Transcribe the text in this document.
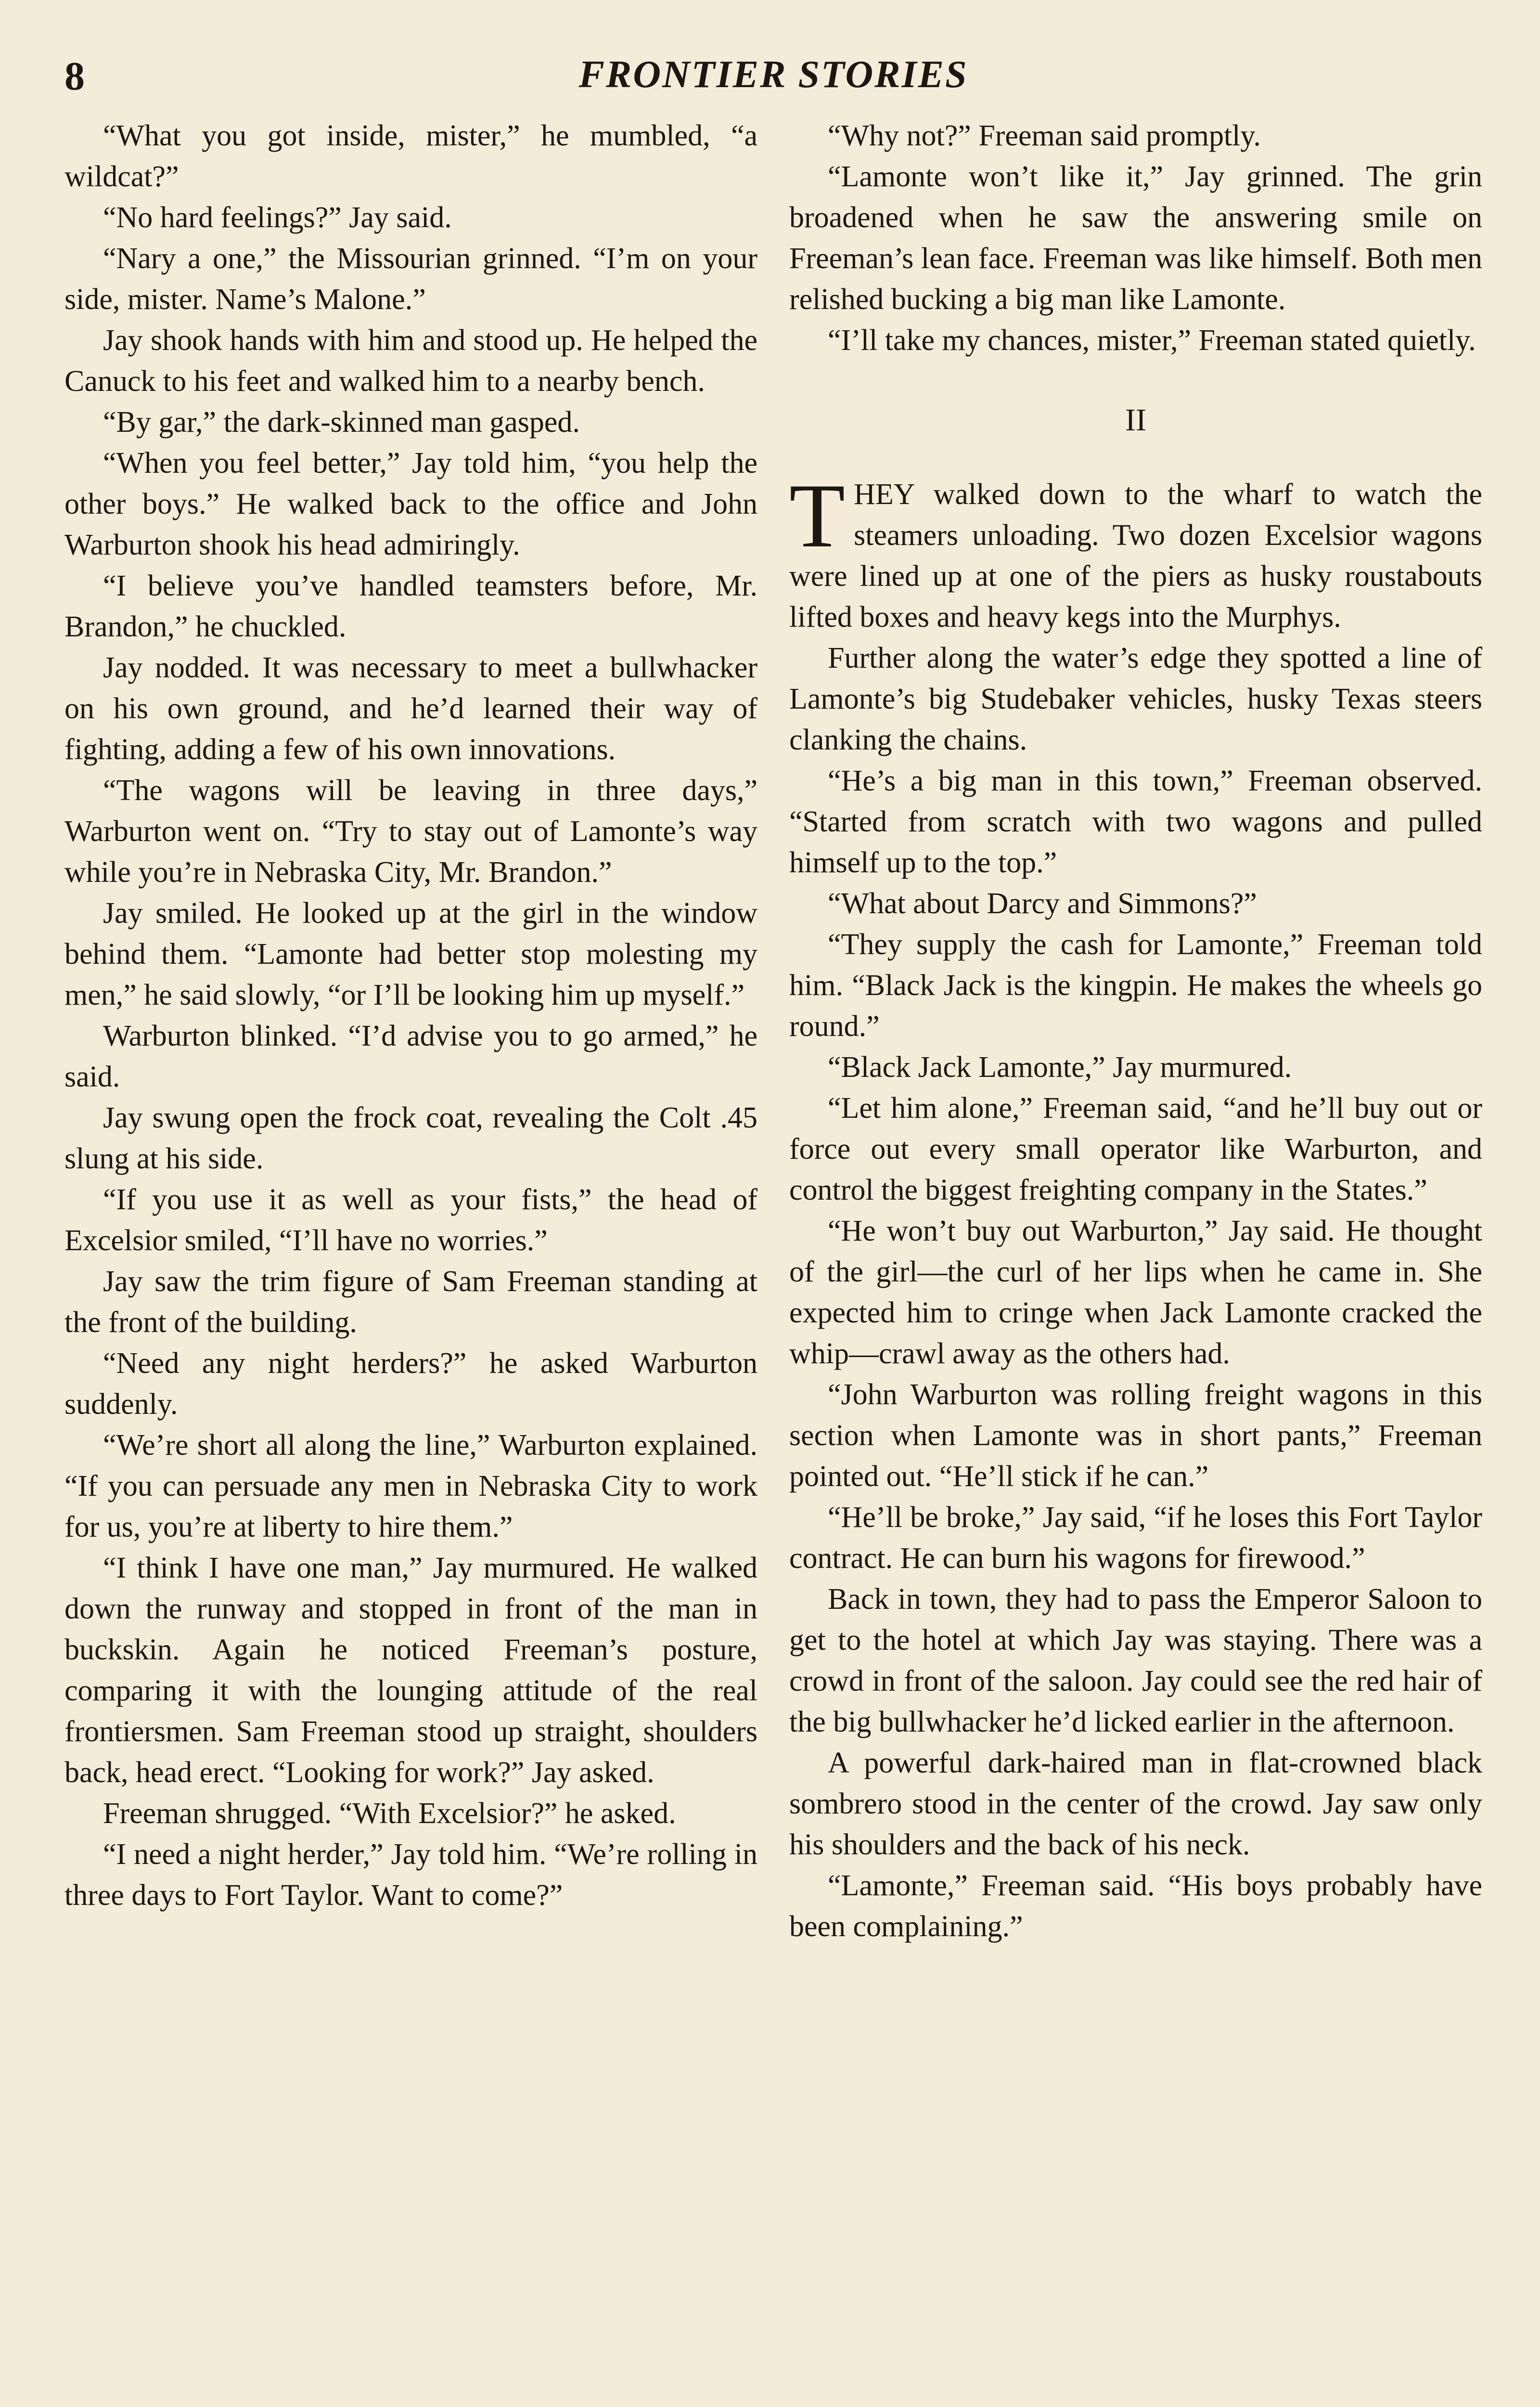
8	FRONTIER STORIES

“What you got inside, mister,” he mumbled, “a wildcat?”

“No hard feelings?” Jay said.

“Nary a one,” the Missourian grinned. “I’m on your side, mister. Name’s Malone.”

Jay shook hands with him and stood up. He helped the Canuck to his feet and walked him to a nearby bench.

“By gar,” the dark-skinned man gasped.

“When you feel better,” Jay told him, “you help the other boys.” He walked back to the office and John Warburton shook his head admiringly.

“I believe you’ve handled teamsters before, Mr. Brandon,” he chuckled.

Jay nodded. It was necessary to meet a bullwhacker on his own ground, and he’d learned their way of fighting, adding a few of his own innovations.

“The wagons will be leaving in three days,” Warburton went on. “Try to stay out of Lamonte’s way while you’re in Nebraska City, Mr. Brandon.”

Jay smiled. He looked up at the girl in the window behind them. “Lamonte had better stop molesting my men,” he said slowly, “or I’ll be looking him up myself.”

Warburton blinked. “I’d advise you to go armed,” he said.

Jay swung open the frock coat, revealing the Colt .45 slung at his side.

“If you use it as well as your fists,” the head of Excelsior smiled, “I’ll have no worries.”

Jay saw the trim figure of Sam Freeman standing at the front of the building.

“Need any night herders?” he asked Warburton suddenly.

“We’re short all along the line,” Warburton explained. “If you can persuade any men in Nebraska City to work for us, you’re at liberty to hire them.”

“I think I have one man,” Jay murmured. He walked down the runway and stopped in front of the man in buckskin. Again he noticed Freeman’s posture, comparing it with the lounging attitude of the real frontiersmen. Sam Freeman stood up straight, shoulders back, head erect. “Looking for work?” Jay asked.

Freeman shrugged. “With Excelsior?” he asked.

“I need a night herder,” Jay told him. “We’re rolling in three days to Fort Taylor. Want to come?”

“Why not?” Freeman said promptly.

“Lamonte won’t like it,” Jay grinned. The grin broadened when he saw the answering smile on Freeman’s lean face. Freeman was like himself. Both men relished bucking a big man like Lamonte.

“I’ll take my chances, mister,” Freeman stated quietly.

II

THEY walked down to the wharf to watch the steamers unloading. Two dozen Excelsior wagons were lined up at one of the piers as husky roustabouts lifted boxes and heavy kegs into the Murphys.

Further along the water’s edge they spotted a line of Lamonte’s big Studebaker vehicles, husky Texas steers clanking the chains.

“He’s a big man in this town,” Freeman observed. “Started from scratch with two wagons and pulled himself up to the top.”

“What about Darcy and Simmons?”

“They supply the cash for Lamonte,” Freeman told him. “Black Jack is the kingpin. He makes the wheels go round.”

“Black Jack Lamonte,” Jay murmured.

“Let him alone,” Freeman said, “and he’ll buy out or force out every small operator like Warburton, and control the biggest freighting company in the States.”

“He won’t buy out Warburton,” Jay said. He thought of the girl—the curl of her lips when he came in. She expected him to cringe when Jack Lamonte cracked the whip—crawl away as the others had.

“John Warburton was rolling freight wagons in this section when Lamonte was in short pants,” Freeman pointed out. “He’ll stick if he can.”

“He’ll be broke,” Jay said, “if he loses this Fort Taylor contract. He can burn his wagons for firewood.”

Back in town, they had to pass the Emperor Saloon to get to the hotel at which Jay was staying. There was a crowd in front of the saloon. Jay could see the red hair of the big bullwhacker he’d licked earlier in the afternoon.

A powerful dark-haired man in flat-crowned black sombrero stood in the center of the crowd. Jay saw only his shoulders and the back of his neck.

“Lamonte,” Freeman said. “His boys probably have been complaining.”
